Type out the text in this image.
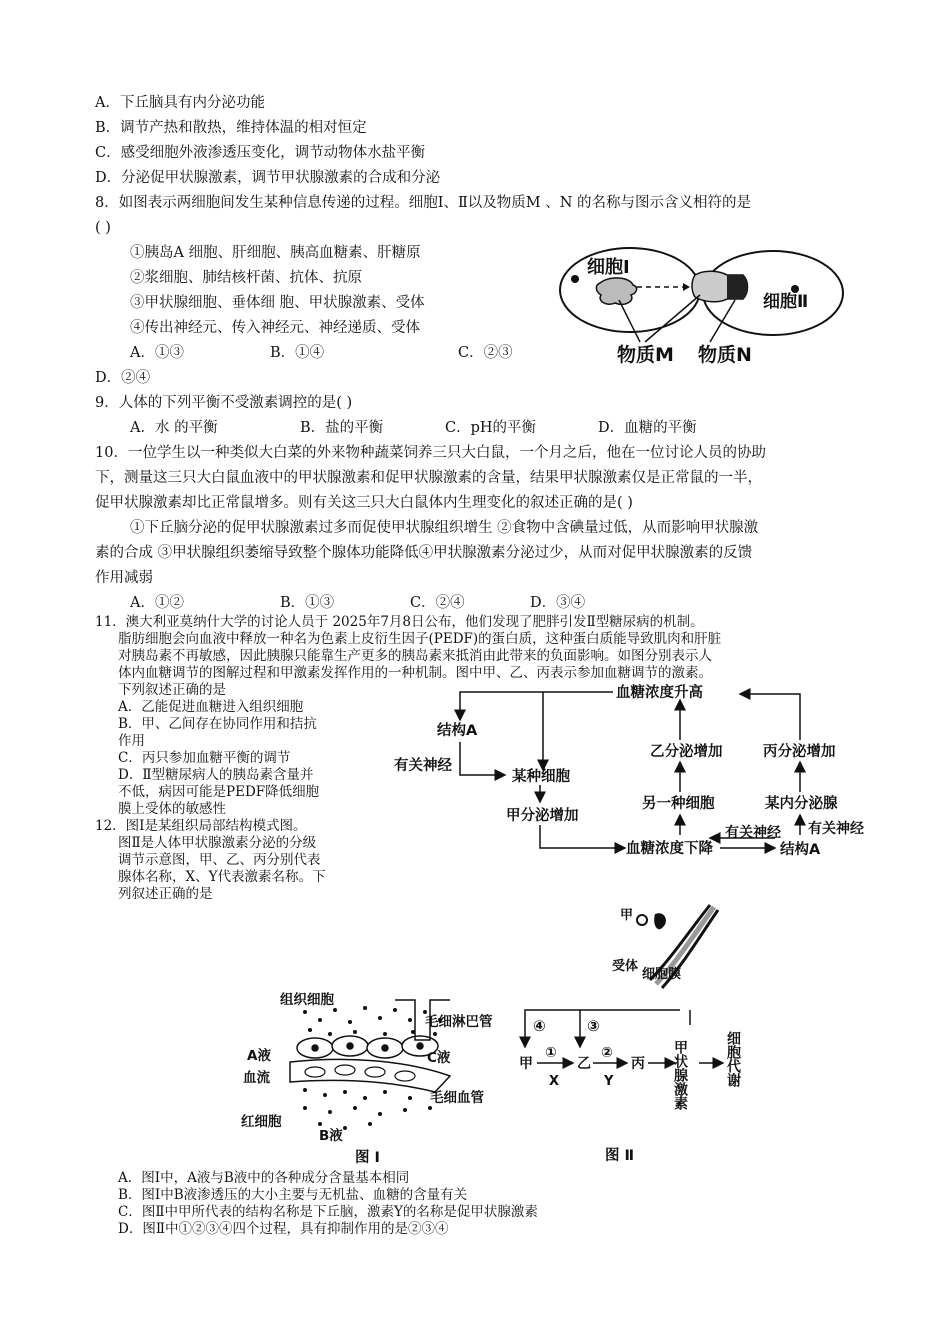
A．下丘脑具有内分泌功能
B．调节产热和散热，维持体温的相对恒定
C．感受细胞外液渗透压变化，调节动物体水盐平衡
D．分泌促甲状腺激素，调节甲状腺激素的合成和分泌
8．如图表示两细胞间发生某种信息传递的过程。细胞Ⅰ、Ⅱ以及物质M 、N 的名称与图示含义相符的是
( )
①胰岛A 细胞、肝细胞、胰高血糖素、肝糖原
②浆细胞、肺结核杆菌、抗体、抗原
③甲状腺细胞、垂体细 胞、甲状腺激素、受体
④传出神经元、传入神经元、神经递质、受体
A．①③	B．①④	C．②③
D．②④
细胞Ⅰ
细胞Ⅱ
物质M 物质N
9．人体的下列平衡不受激素调控的是( )
A．水 的平衡	B．盐的平衡	C．pH的平衡	D．血糖的平衡
10．一位学生以一种类似大白菜的外来物种蔬菜饲养三只大白鼠，一个月之后，他在一位讨论人员的协助
下，测量这三只大白鼠血液中的甲状腺激素和促甲状腺激素的含量，结果甲状腺激素仅是正常鼠的一半，
促甲状腺激素却比正常鼠增多。则有关这三只大白鼠体内生理变化的叙述正确的是( )
①下丘脑分泌的促甲状腺激素过多而促使甲状腺组织增生 ②食物中含碘量过低，从而影响甲状腺激
素的合成 ③甲状腺组织萎缩导致整个腺体功能降低④甲状腺激素分泌过少，从而对促甲状腺激素的反馈
作用减弱
A．①②	B．①③	C．②④	D．③④
11．澳大利亚莫纳什大学的讨论人员于 2025年7月8日公布，他们发现了肥胖引发Ⅱ型糖尿病的机制。
脂肪细胞会向血液中释放一种名为色素上皮衍生因子(PEDF)的蛋白质，这种蛋白质能导致肌肉和肝脏
对胰岛素不再敏感，因此胰腺只能靠生产更多的胰岛素来抵消由此带来的负面影响。如图分别表示人
体内血糖调节的图解过程和甲激素发挥作用的一种机制。图中甲、乙、丙表示参加血糖调节的激素。
下列叙述正确的是
A．乙能促进血糖进入组织细胞
B．甲、乙间存在协同作用和拮抗
作用
C．丙只参加血糖平衡的调节
D．Ⅱ型糖尿病人的胰岛素含量并
不低，病因可能是PEDF降低细胞
膜上受体的敏感性
血糖浓度升高
结构A
有关神经
某种细胞
甲分泌增加
血糖浓度下降
乙分泌增加	丙分泌增加
另一种细胞	某内分泌腺
有关神经 有关神经
结构A
12．图Ⅰ是某组织局部结构模式图。
图Ⅱ是人体甲状腺激素分泌的分级
调节示意图，甲、乙、丙分别代表
腺体名称，X、Y代表激素名称。下
列叙述正确的是
甲
受体
细胞膜
组织细胞
毛细淋巴管
A液	C液
血流
毛细血管
红细胞
B液
图 Ⅰ
④	③
甲
①
乙
②
丙
X	Y	甲状腺激素	细胞代谢
图 Ⅱ
A．图Ⅰ中，A液与B液中的各种成分含量基本相同
B．图Ⅰ中B液渗透压的大小主要与无机盐、血糖的含量有关
C．图Ⅱ中甲所代表的结构名称是下丘脑，激素Y的名称是促甲状腺激素
D．图Ⅱ中①②③④四个过程，具有抑制作用的是②③④
